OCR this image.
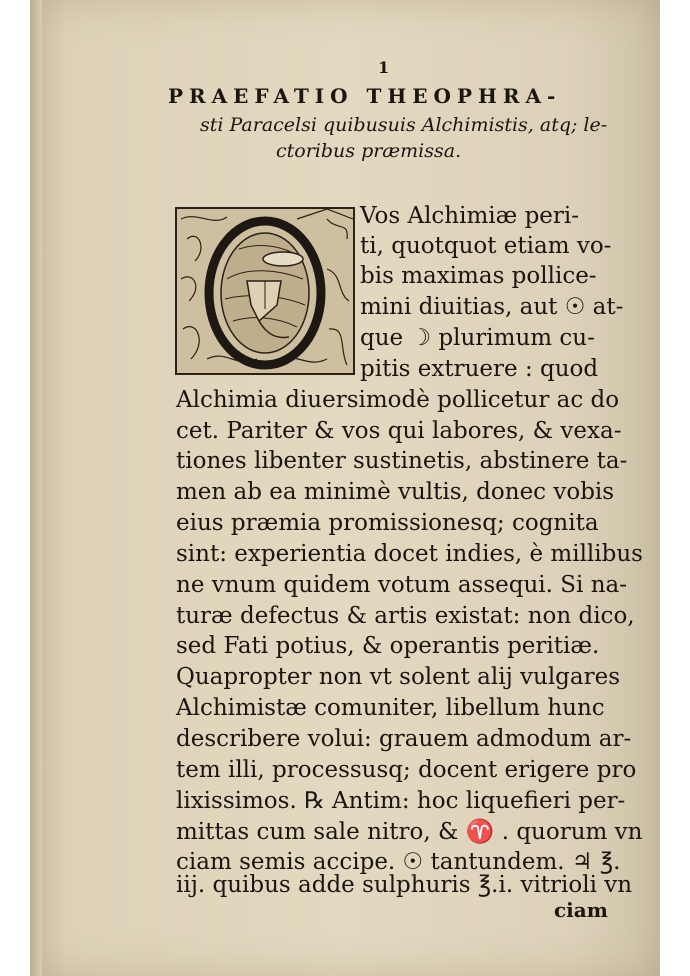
1
PRAEFATIO THEOPHRA-
sti Paracelsi quibusuis Alchimistis, atq; le-
ctoribus præmissa.
Vos Alchimiæ peri-
ti, quotquot etiam vo-
bis maximas pollice-
mini diuitias, aut ☉ at-
que ☽ plurimum cu-
pitis extruere : quod
Alchimia diuersimodè pollicetur ac do
cet. Pariter & vos qui labores, & vexa-
tiones libenter sustinetis, abstinere ta-
men ab ea minimè vultis, donec vobis
eius præmia promissionesq; cognita
sint: experientia docet indies, è millibus
ne vnum quidem votum assequi. Si na-
turæ defectus & artis existat: non dico,
sed Fati potius, & operantis peritiæ.
Quapropter non vt solent alij vulgares
Alchimistæ comuniter, libellum hunc
describere volui: grauem admodum ar-
tem illi, processusq; docent erigere pro
lixissimos. ℞ Antim: hoc liquefieri per-
mittas cum sale nitro, & ♈ . quorum vn
ciam semis accipe. ☉ tantundem. ♃ ℥.
iij. quibus adde sulphuris ℥.i. vitrioli vn
ciam
